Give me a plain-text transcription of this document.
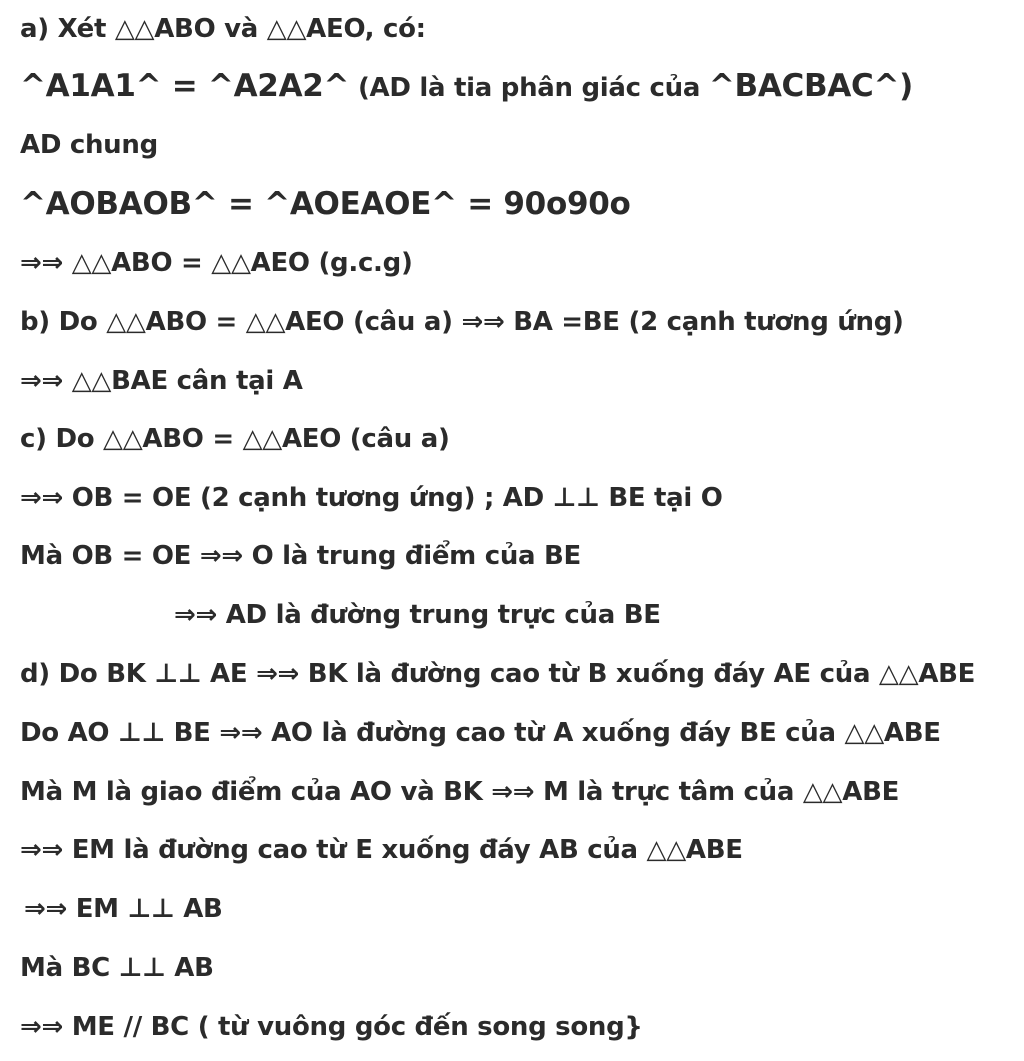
a) Xét △△ABO và △△AEO, có:
^A1A1^ = ^A2A2^ (AD là tia phân giác của ^BACBAC^)
AD chung
^AOBAOB^ = ^AOEAOE^ = 90o90o
⇒⇒ △△ABO = △△AEO (g.c.g)
b) Do △△ABO = △△AEO (câu a) ⇒⇒ BA =BE (2 cạnh tương ứng)
⇒⇒ △△BAE cân tại A
c) Do △△ABO = △△AEO (câu a)
⇒⇒ OB = OE (2 cạnh tương ứng) ; AD ⊥⊥ BE tại O
Mà OB = OE ⇒⇒ O là trung điểm của BE
⇒⇒ AD là đường trung trực của BE
d) Do BK ⊥⊥ AE ⇒⇒ BK là đường cao từ B xuống đáy AE của △△ABE
Do AO ⊥⊥ BE ⇒⇒ AO là đường cao từ A xuống đáy BE của △△ABE
Mà M là giao điểm của AO và BK ⇒⇒ M là trực tâm của △△ABE
⇒⇒ EM là đường cao từ E xuống đáy AB của △△ABE
⇒⇒ EM ⊥⊥ AB
Mà BC ⊥⊥ AB
⇒⇒ ME // BC ( từ vuông góc đến song song}
